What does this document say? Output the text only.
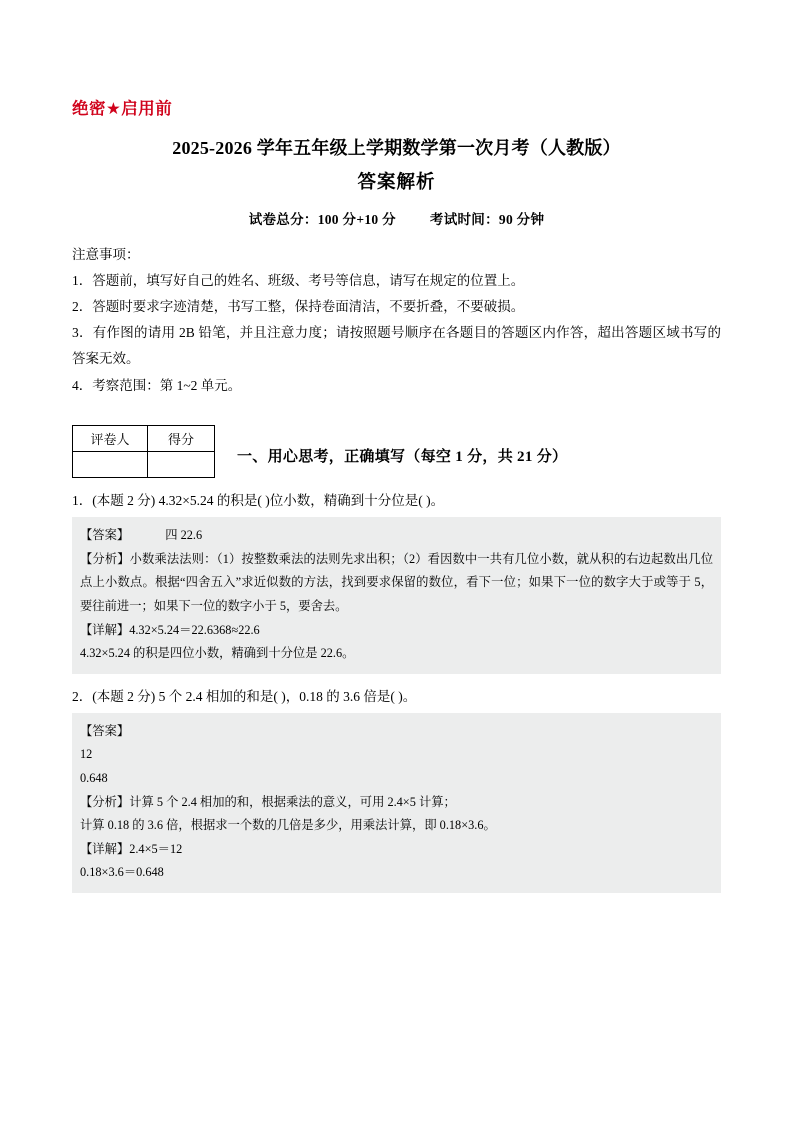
绝密★启用前
2025-2026 学年五年级上学期数学第一次月考（人教版）
答案解析
试卷总分：100 分+10 分	考试时间：90 分钟

注意事项：

1．答题前，填写好自己的姓名、班级、考号等信息，请写在规定的位置上。

2．答题时要求字迹清楚，书写工整，保持卷面清洁，不要折叠，不要破损。

3．有作图的请用 2B 铅笔，并且注意力度；请按照题号顺序在各题目的答题区内作答，超出答题区域书写的答案无效。

4．考察范围：第 1~2 单元。

评卷人	得分

一、用心思考，正确填写（每空 1 分，共 21 分）

1．(本题 2 分) 4.32×5.24 的积是( )位小数，精确到十分位是( )。

【答案】	四 22.6

【分析】小数乘法法则：（1）按整数乘法的法则先求出积；（2）看因数中一共有几位小数，就从积的右边起数出几位点上小数点。根据“四舍五入”求近似数的方法，找到要求保留的数位，看下一位；如果下一位的数字大于或等于 5，要往前进一；如果下一位的数字小于 5，要舍去。

【详解】4.32×5.24＝22.6368≈22.6

4.32×5.24 的积是四位小数，精确到十分位是 22.6。

2．(本题 2 分) 5 个 2.4 相加的和是( )，0.18 的 3.6 倍是( )。

【答案】

12

0.648

【分析】计算 5 个 2.4 相加的和，根据乘法的意义，可用 2.4×5 计算；

计算 0.18 的 3.6 倍，根据求一个数的几倍是多少，用乘法计算，即 0.18×3.6。

【详解】2.4×5＝12

0.18×3.6＝0.648
